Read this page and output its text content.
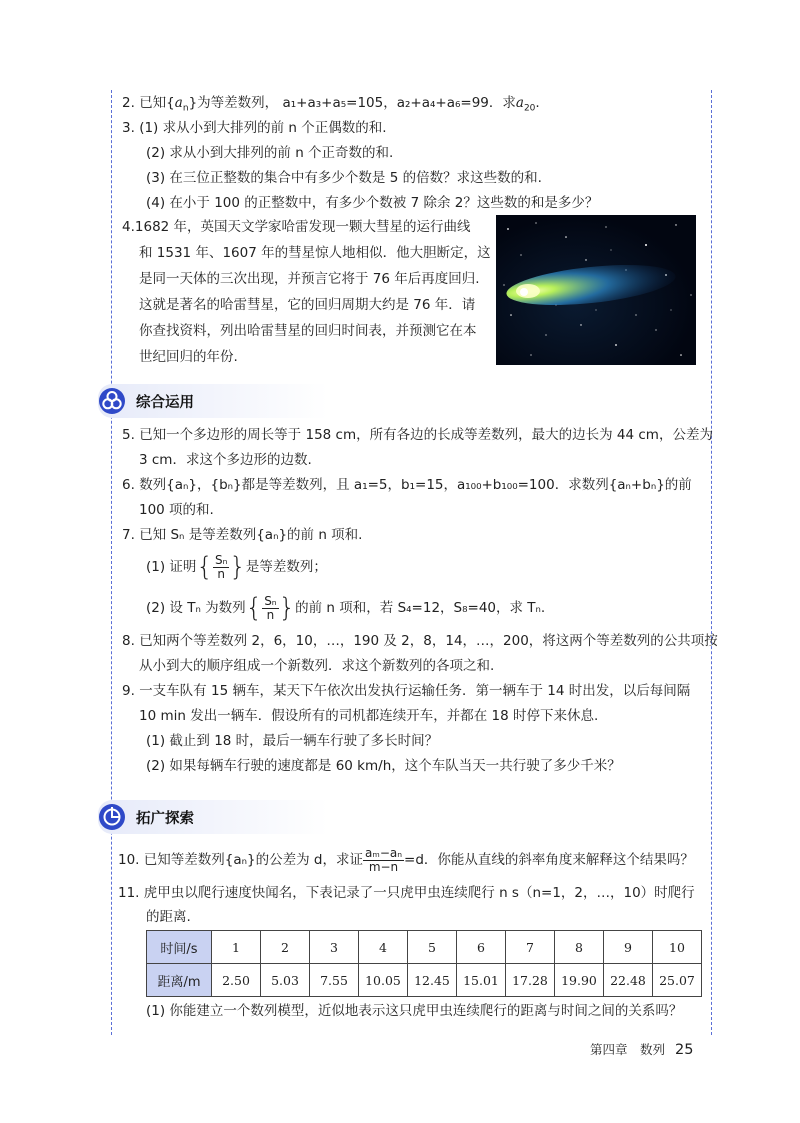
2. 已知$\{a_n\}$为等差数列， a₁+a₃+a₅=105，a₂+a₄+a₆=99．求$a_{20}$.
3. (1) 求从小到大排列的前 n 个正偶数的和.
(2) 求从小到大排列的前 n 个正奇数的和.
(3) 在三位正整数的集合中有多少个数是 5 的倍数？求这些数的和.
(4) 在小于 100 的正整数中，有多少个数被 7 除余 2？这些数的和是多少？
4.1682 年，英国天文学家哈雷发现一颗大彗星的运行曲线
和 1531 年、1607 年的彗星惊人地相似．他大胆断定，这
是同一天体的三次出现，并预言它将于 76 年后再度回归.
这就是著名的哈雷彗星，它的回归周期大约是 76 年．请
你查找资料，列出哈雷彗星的回归时间表，并预测它在本
世纪回归的年份.
综合运用
5. 已知一个多边形的周长等于 158 cm，所有各边的长成等差数列，最大的边长为 44 cm，公差为
3 cm．求这个多边形的边数.
6. 数列{aₙ}，{bₙ}都是等差数列，且 a₁=5，b₁=15，a₁₀₀+b₁₀₀=100．求数列{aₙ+bₙ}的前
100 项的和.
7. 已知 Sₙ 是等差数列{aₙ}的前 n 项和.
(1) 证明{ $\frac{\text{Sₙ}}{n}$ }是等差数列；
(2) 设 Tₙ 为数列{ $\frac{\text{Sₙ}}{n}$ }的前 n 项和，若 S₄=12，S₈=40，求 Tₙ.
8. 已知两个等差数列 2，6，10，…，190 及 2，8，14，…，200，将这两个等差数列的公共项按
从小到大的顺序组成一个新数列．求这个新数列的各项之和.
9. 一支车队有 15 辆车，某天下午依次出发执行运输任务．第一辆车于 14 时出发，以后每间隔
10 min 发出一辆车．假设所有的司机都连续开车，并都在 18 时停下来休息.
(1) 截止到 18 时，最后一辆车行驶了多长时间？
(2) 如果每辆车行驶的速度都是 60 km/h，这个车队当天一共行驶了多少千米？
拓广探索
10. 已知等差数列{aₙ}的公差为 d，求证 $\frac{\text{aₘ−aₙ}}{m-n} =d$．你能从直线的斜率角度来解释这个结果吗？
11. 虎甲虫以爬行速度快闻名，下表记录了一只虎甲虫连续爬行 n s（n=1，2，…，10）时爬行
的距离.
时间/s	1	2	3	4	5	6	7	8	9	10
距离/m	2.50	5.03	7.55	10.05	12.45	15.01	17.28	19.90	22.48	25.07
(1) 你能建立一个数列模型，近似地表示这只虎甲虫连续爬行的距离与时间之间的关系吗？
第四章　数列 25
